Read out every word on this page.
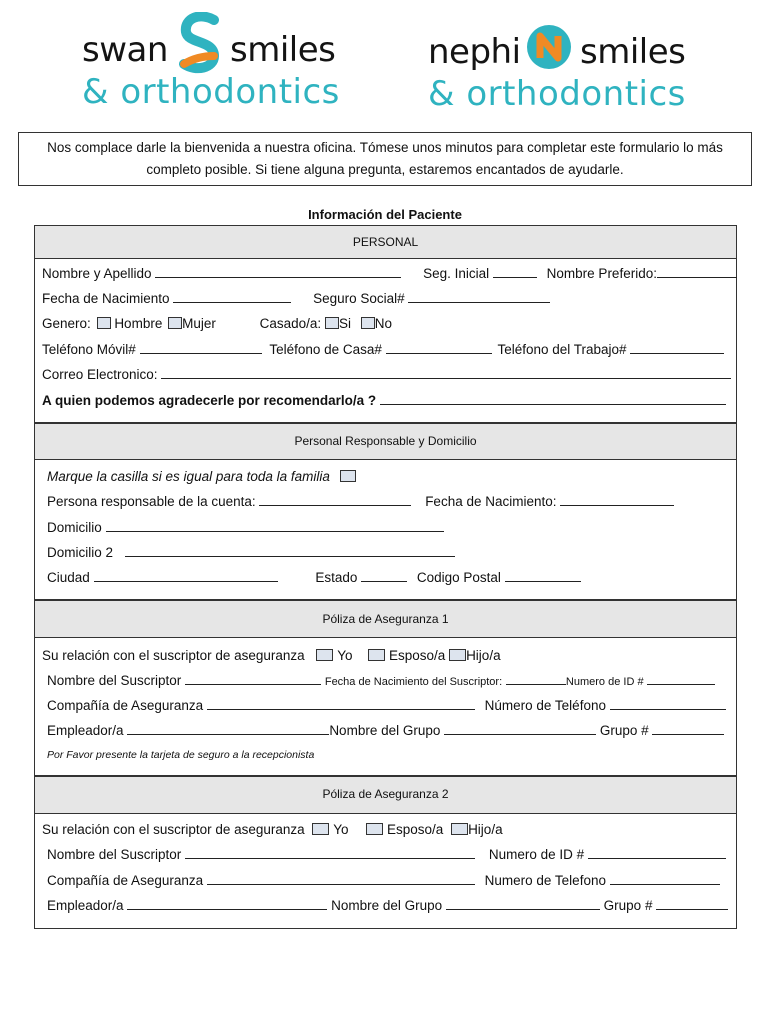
swan smiles
& orthodontics
nephi smiles
& orthodontics
Nos complace darle la bienvenida a nuestra oficina. Tómese unos minutos para completar este formulario lo más
completo posible. Si tiene alguna pregunta, estaremos encantados de ayudarle.
Información del Paciente
PERSONAL
Nombre y Apellido	Seg. Inicial	Nombre Preferido:
Fecha de Nacimiento	Seguro Social#
Genero: Hombre Mujer	Casado/a: Si No
Teléfono Móvil#	Teléfono de Casa#	Teléfono del Trabajo#
Correo Electronico:
A quien podemos agradecerle por recomendarlo/a ?
Personal Responsable y Domicilio
Marque la casilla si es igual para toda la familia
Persona responsable de la cuenta:	Fecha de Nacimiento:
Domicilio
Domicilio 2
Ciudad	Estado	Codigo Postal
Póliza de Aseguranza 1
Su relación con el suscriptor de aseguranza Yo	Esposo/a Hijo/a
Nombre del Suscriptor	Fecha de Nacimiento del Suscriptor:	Numero de ID #
Compañía de Aseguranza	Número de Teléfono
Empleador/a	Nombre del Grupo	Grupo #
Por Favor presente la tarjeta de seguro a la recepcionista
Póliza de Aseguranza 2
Su relación con el suscriptor de aseguranza Yo	Esposo/a Hijo/a
Nombre del Suscriptor	Numero de ID #
Compañía de Aseguranza	Numero de Telefono
Empleador/a	Nombre del Grupo	Grupo #
